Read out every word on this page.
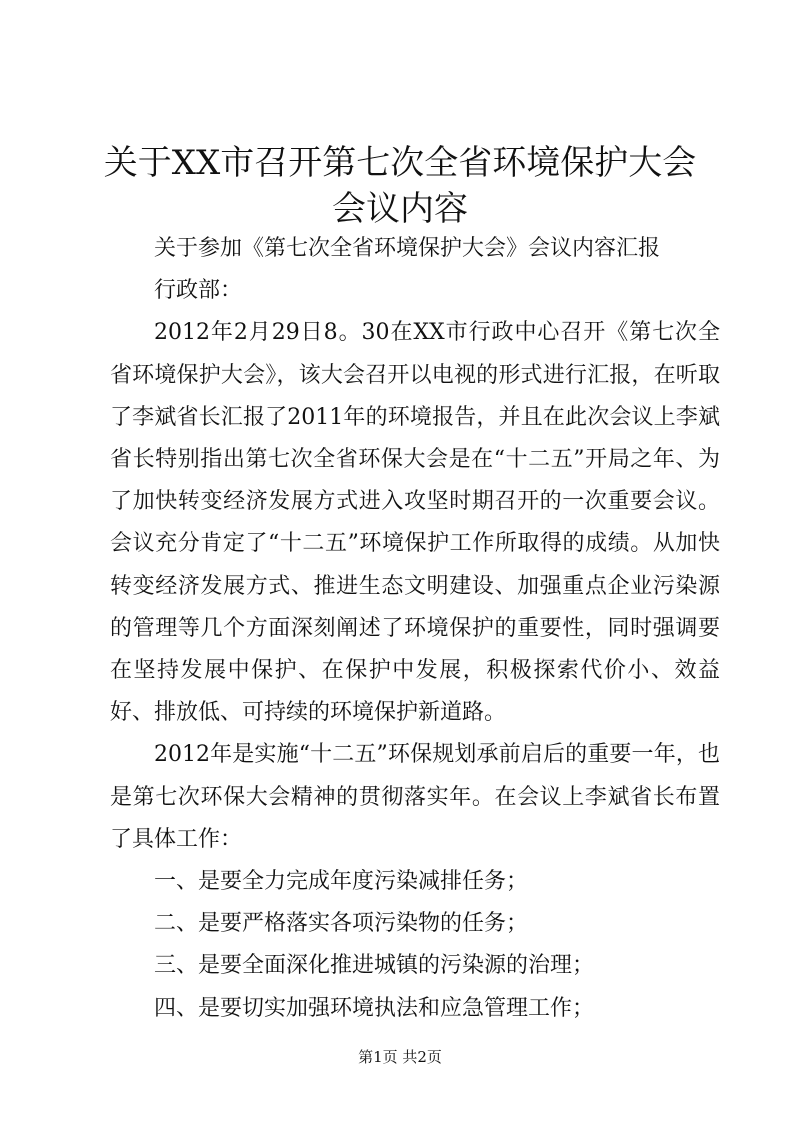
关于XX市召开第七次全省环境保护大会会议内容

关于参加《第七次全省环境保护大会》会议内容汇报

行政部：

2012年2月29日8。30在XX市行政中心召开《第七次全省环境保护大会》，该大会召开以电视的形式进行汇报，在听取了李斌省长汇报了2011年的环境报告，并且在此次会议上李斌省长特别指出第七次全省环保大会是在“十二五”开局之年、为了加快转变经济发展方式进入攻坚时期召开的一次重要会议。会议充分肯定了“十二五”环境保护工作所取得的成绩。从加快转变经济发展方式、推进生态文明建设、加强重点企业污染源的管理等几个方面深刻阐述了环境保护的重要性，同时强调要在坚持发展中保护、在保护中发展，积极探索代价小、效益好、排放低、可持续的环境保护新道路。

2012年是实施“十二五”环保规划承前启后的重要一年，也是第七次环保大会精神的贯彻落实年。在会议上李斌省长布置了具体工作：

一、是要全力完成年度污染减排任务；

二、是要严格落实各项污染物的任务；

三、是要全面深化推进城镇的污染源的治理；

四、是要切实加强环境执法和应急管理工作；

第1页 共2页
